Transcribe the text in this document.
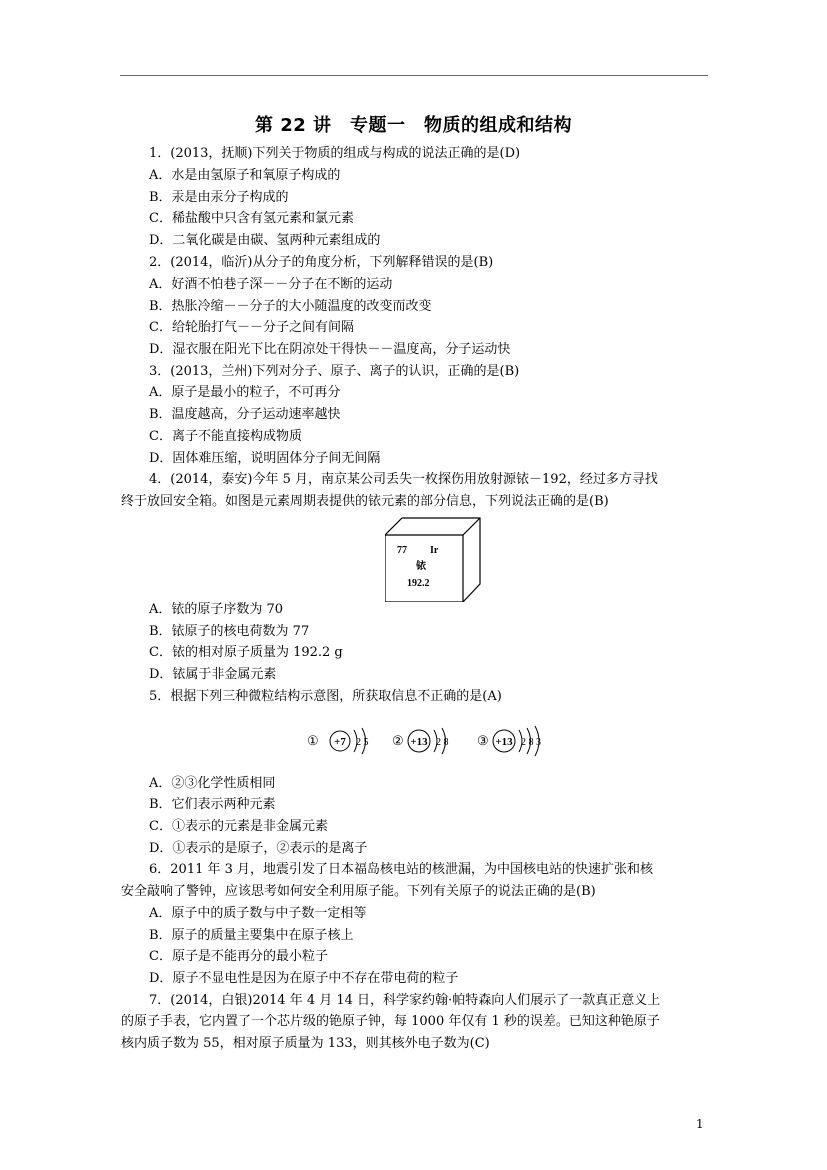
第 22 讲　专题一　物质的组成和结构
1．(2013，抚顺)下列关于物质的组成与构成的说法正确的是(D)
A．水是由氢原子和氧原子构成的
B．汞是由汞分子构成的
C．稀盐酸中只含有氢元素和氯元素
D．二氧化碳是由碳、氢两种元素组成的
2．(2014，临沂)从分子的角度分析，下列解释错误的是(B)
A．好酒不怕巷子深－－分子在不断的运动
B．热胀冷缩－－分子的大小随温度的改变而改变
C．给轮胎打气－－分子之间有间隔
D．湿衣服在阳光下比在阴凉处干得快－－温度高，分子运动快
3．(2013，兰州)下列对分子、原子、离子的认识，正确的是(B)
A．原子是最小的粒子，不可再分
B．温度越高，分子运动速率越快
C．离子不能直接构成物质
D．固体难压缩，说明固体分子间无间隔
4．(2014，泰安)今年 5 月，南京某公司丢失一枚探伤用放射源铱－192，经过多方寻找
终于放回安全箱。如图是元素周期表提供的铱元素的部分信息，下列说法正确的是(B)
77 Ir
铱
192.2
A．铱的原子序数为 70
B．铱原子的核电荷数为 77
C．铱的相对原子质量为 192.2 g
D．铱属于非金属元素
5．根据下列三种微粒结构示意图，所获取信息不正确的是(A)
① +7 2 5 ② +13 2 8 ③ +13 2 8 3
A．②③化学性质相同
B．它们表示两种元素
C．①表示的元素是非金属元素
D．①表示的是原子，②表示的是离子
6．2011 年 3 月，地震引发了日本福岛核电站的核泄漏，为中国核电站的快速扩张和核
安全敲响了警钟，应该思考如何安全利用原子能。下列有关原子的说法正确的是(B)
A．原子中的质子数与中子数一定相等
B．原子的质量主要集中在原子核上
C．原子是不能再分的最小粒子
D．原子不显电性是因为在原子中不存在带电荷的粒子
7．(2014，白银)2014 年 4 月 14 日，科学家约翰·帕特森向人们展示了一款真正意义上
的原子手表，它内置了一个芯片级的铯原子钟，每 1000 年仅有 1 秒的误差。已知这种铯原子
核内质子数为 55，相对原子质量为 133，则其核外电子数为(C)
1
